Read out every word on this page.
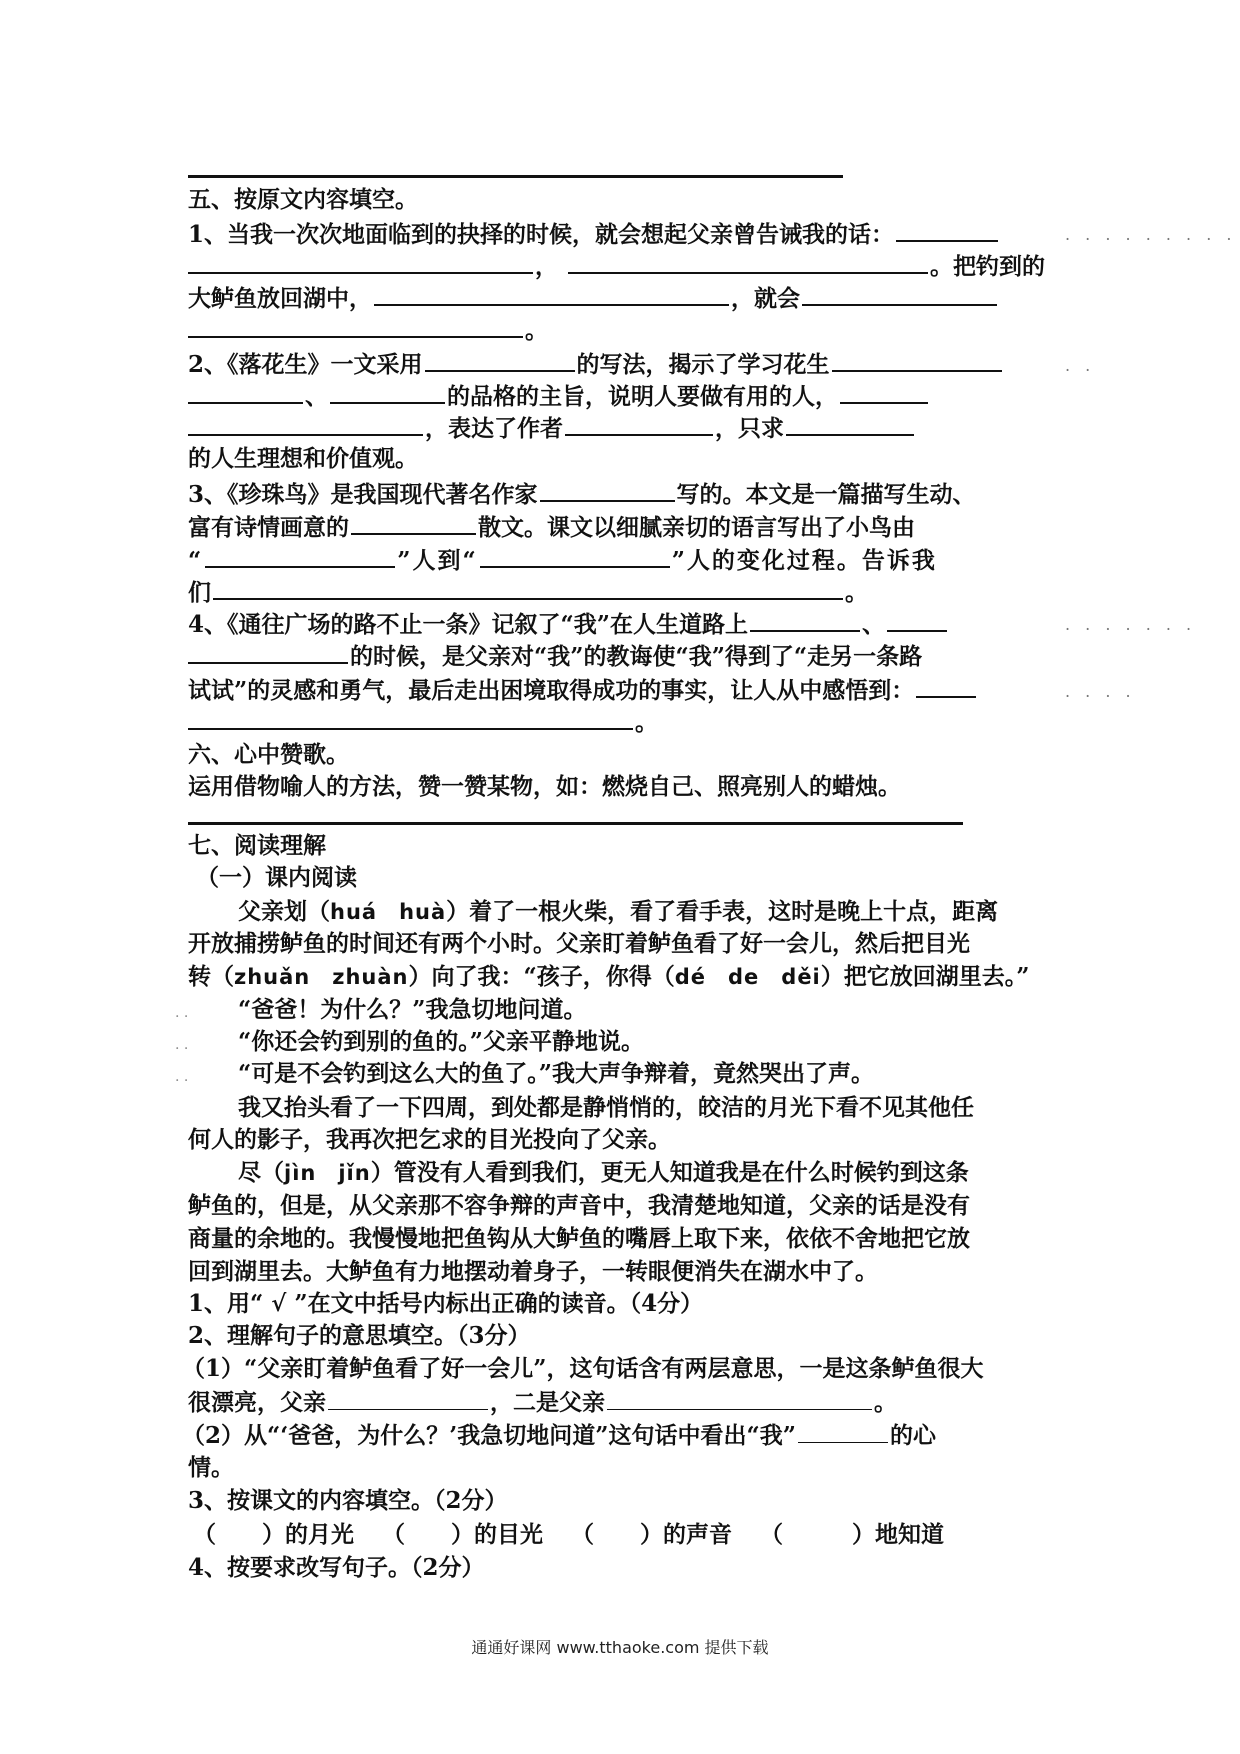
五、按原文内容填空。
1、当我一次次地面临到的抉择的时候，就会想起父亲曾告诫我的话：	. . . . . . . . .
，	。把钓到的
大鲈鱼放回湖中，	，就会
。
2、《落花生》一文采用	的写法，揭示了学习花生	. .
、	的品格的主旨，说明人要做有用的人，
，表达了作者	，只求
的人生理想和价值观。
3、《珍珠鸟》是我国现代著名作家	写的。本文是一篇描写生动、
富有诗情画意的	散文。课文以细腻亲切的语言写出了小鸟由
“	”人到“	”人的变化过程。告诉我
们	。
4、《通往广场的路不止一条》记叙了“我”在人生道路上	、	. . . . . . .
的时候，是父亲对“我”的教诲使“我”得到了“走另一条路
试试”的灵感和勇气，最后走出困境取得成功的事实，让人从中感悟到：	. . . .
。
六、心中赞歌。
运用借物喻人的方法，赞一赞某物，如：燃烧自己、照亮别人的蜡烛。
七、阅读理解
（一）课内阅读
父亲划（huá　huà）着了一根火柴，看了看手表，这时是晚上十点，距离
开放捕捞鲈鱼的时间还有两个小时。父亲盯着鲈鱼看了好一会儿，然后把目光
转（zhuǎn　zhuàn）向了我：“孩子，你得（dé　de　děi）把它放回湖里去。”
. . “爸爸！为什么？”我急切地问道。
. . “你还会钓到别的鱼的。”父亲平静地说。
. . “可是不会钓到这么大的鱼了。”我大声争辩着，竟然哭出了声。
我又抬头看了一下四周，到处都是静悄悄的，皎洁的月光下看不见其他任
何人的影子，我再次把乞求的目光投向了父亲。
尽（jìn　jǐn）管没有人看到我们，更无人知道我是在什么时候钓到这条
鲈鱼的，但是，从父亲那不容争辩的声音中，我清楚地知道，父亲的话是没有
商量的余地的。我慢慢地把鱼钩从大鲈鱼的嘴唇上取下来，依依不舍地把它放
回到湖里去。大鲈鱼有力地摆动着身子，一转眼便消失在湖水中了。
1、用“ √ ”在文中括号内标出正确的读音。（4分）
2、理解句子的意思填空。（3分）
（1）“父亲盯着鲈鱼看了好一会儿”，这句话含有两层意思，一是这条鲈鱼很大
很漂亮，父亲	，二是父亲	。
（2）从“‘爸爸，为什么？’我急切地问道”这句话中看出“我”	的心
情。
3、按课文的内容填空。（2分）
（　　）的月光 （　　）的目光 （　　）的声音 （　　　）地知道
4、按要求改写句子。（2分）
通通好课网 www.tthaoke.com 提供下载
